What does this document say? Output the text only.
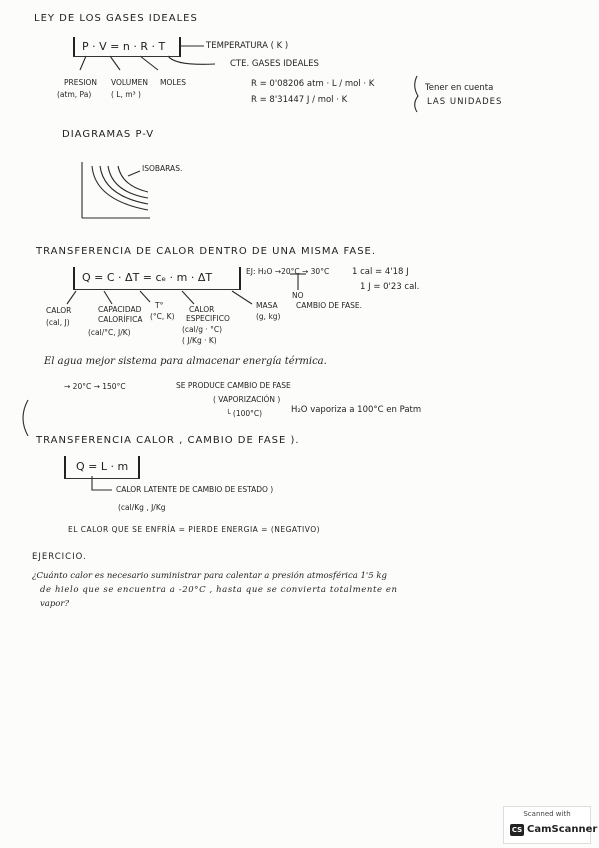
LEY DE LOS GASES IDEALES
P · V = n · R · T	TEMPERATURA ( K )
CTE. GASES IDEALES
PRESION
(atm, Pa)
VOLUMEN
( L, m³ )
MOLES	R = 0'08206 atm · L / mol · K
R = 8'31447 J / mol · K
Tener en cuenta
LAS UNIDADES
DIAGRAMAS P-V
ISOBARAS.
TRANSFERENCIA DE CALOR DENTRO DE UNA MISMA FASE.
Q = C · ΔT = cₑ · m · ΔT	EJ: H₂O →20°C → 30°C	1 cal = 4'18 J
1 J = 0'23 cal.
NO
CAMBIO DE FASE.
CALOR
(cal, J)
CAPACIDAD
CALORÍFICA
(cal/°C, J/K)
T°
(°C, K)
CALOR
ESPECIFICO
(cal/g · °C)
( J/Kg · K)
MASA
(g, kg)
El agua mejor sistema para almacenar energía térmica.
→ 20°C → 150°C	SE PRODUCE CAMBIO DE FASE
( VAPORIZACIÓN )
└ (100°C)	H₂O vaporiza a 100°C en Patm
TRANSFERENCIA CALOR , CAMBIO DE FASE ).
Q = L · m
CALOR LATENTE DE CAMBIO DE ESTADO )
(cal/Kg , J/Kg
EL CALOR QUE SE ENFRÍA = PIERDE ENERGIA = (NEGATIVO)
EJERCICIO.
¿Cuánto calor es necesario suministrar para calentar a presión atmosférica 1'5 kg
de hielo que se encuentra a -20°C , hasta que se convierta totalmente en
vapor?
Scanned with
CS CamScanner
